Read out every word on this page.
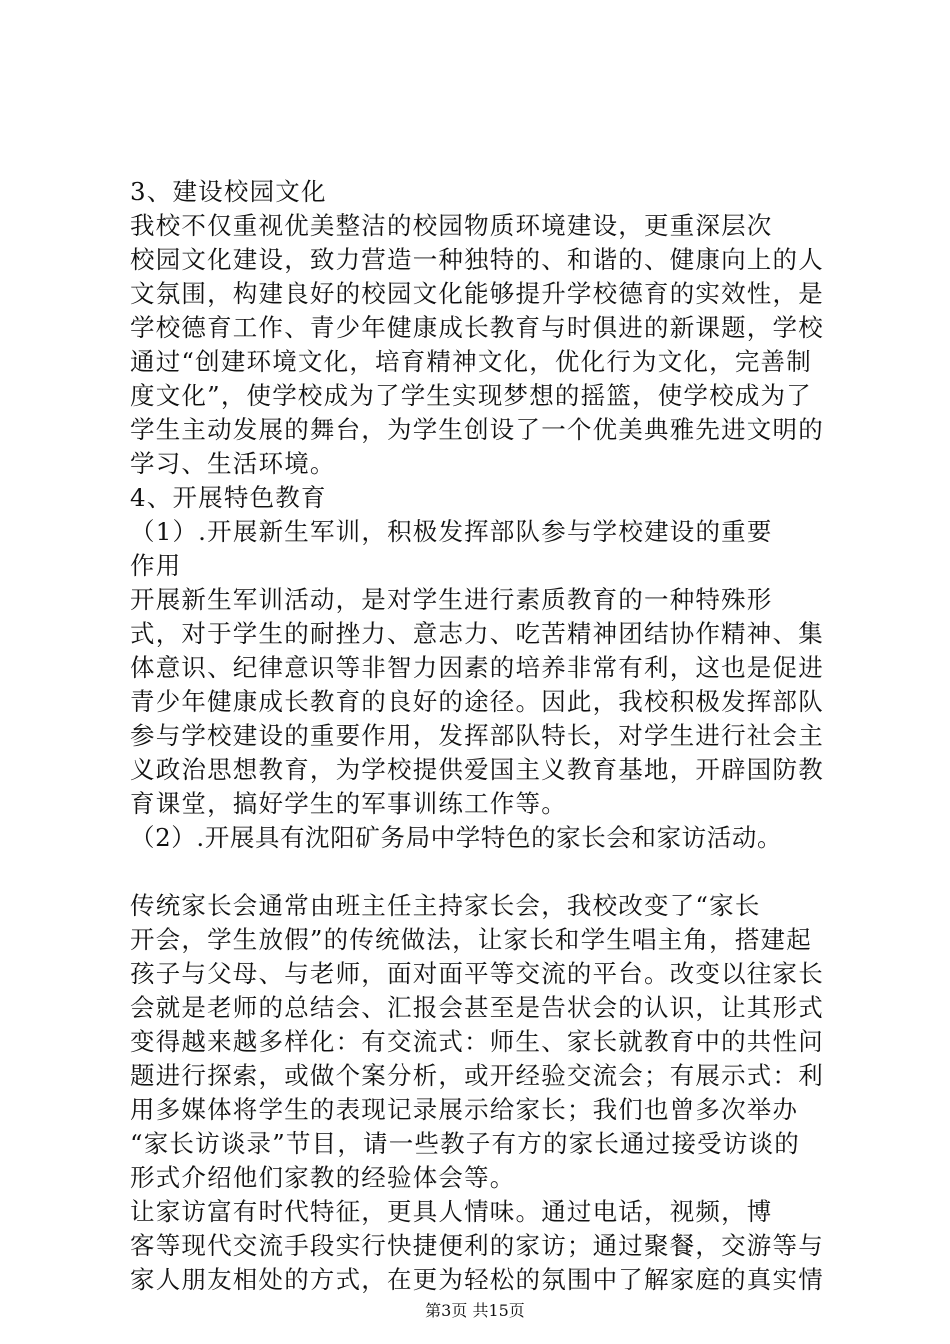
3、建设校园文化
我校不仅重视优美整洁的校园物质环境建设，更重深层次
校园文化建设，致力营造一种独特的、和谐的、健康向上的人
文氛围，构建良好的校园文化能够提升学校德育的实效性，是
学校德育工作、青少年健康成长教育与时俱进的新课题，学校
通过“创建环境文化，培育精神文化，优化行为文化，完善制
度文化”，使学校成为了学生实现梦想的摇篮，使学校成为了
学生主动发展的舞台，为学生创设了一个优美典雅先进文明的
学习、生活环境。
4、开展特色教育
（1）.开展新生军训，积极发挥部队参与学校建设的重要
作用
开展新生军训活动，是对学生进行素质教育的一种特殊形
式，对于学生的耐挫力、意志力、吃苦精神团结协作精神、集
体意识、纪律意识等非智力因素的培养非常有利，这也是促进
青少年健康成长教育的良好的途径。因此，我校积极发挥部队
参与学校建设的重要作用，发挥部队特长，对学生进行社会主
义政治思想教育，为学校提供爱国主义教育基地，开辟国防教
育课堂，搞好学生的军事训练工作等。
（2）.开展具有沈阳矿务局中学特色的家长会和家访活动。
传统家长会通常由班主任主持家长会，我校改变了“家长
开会，学生放假”的传统做法，让家长和学生唱主角，搭建起
孩子与父母、与老师，面对面平等交流的平台。改变以往家长
会就是老师的总结会、汇报会甚至是告状会的认识，让其形式
变得越来越多样化：有交流式：师生、家长就教育中的共性问
题进行探索，或做个案分析，或开经验交流会；有展示式：利
用多媒体将学生的表现记录展示给家长；我们也曾多次举办
“家长访谈录”节目，请一些教子有方的家长通过接受访谈的
形式介绍他们家教的经验体会等。
让家访富有时代特征，更具人情味。通过电话，视频，博
客等现代交流手段实行快捷便利的家访；通过聚餐，交游等与
家人朋友相处的方式，在更为轻松的氛围中了解家庭的真实情
第3页 共15页
